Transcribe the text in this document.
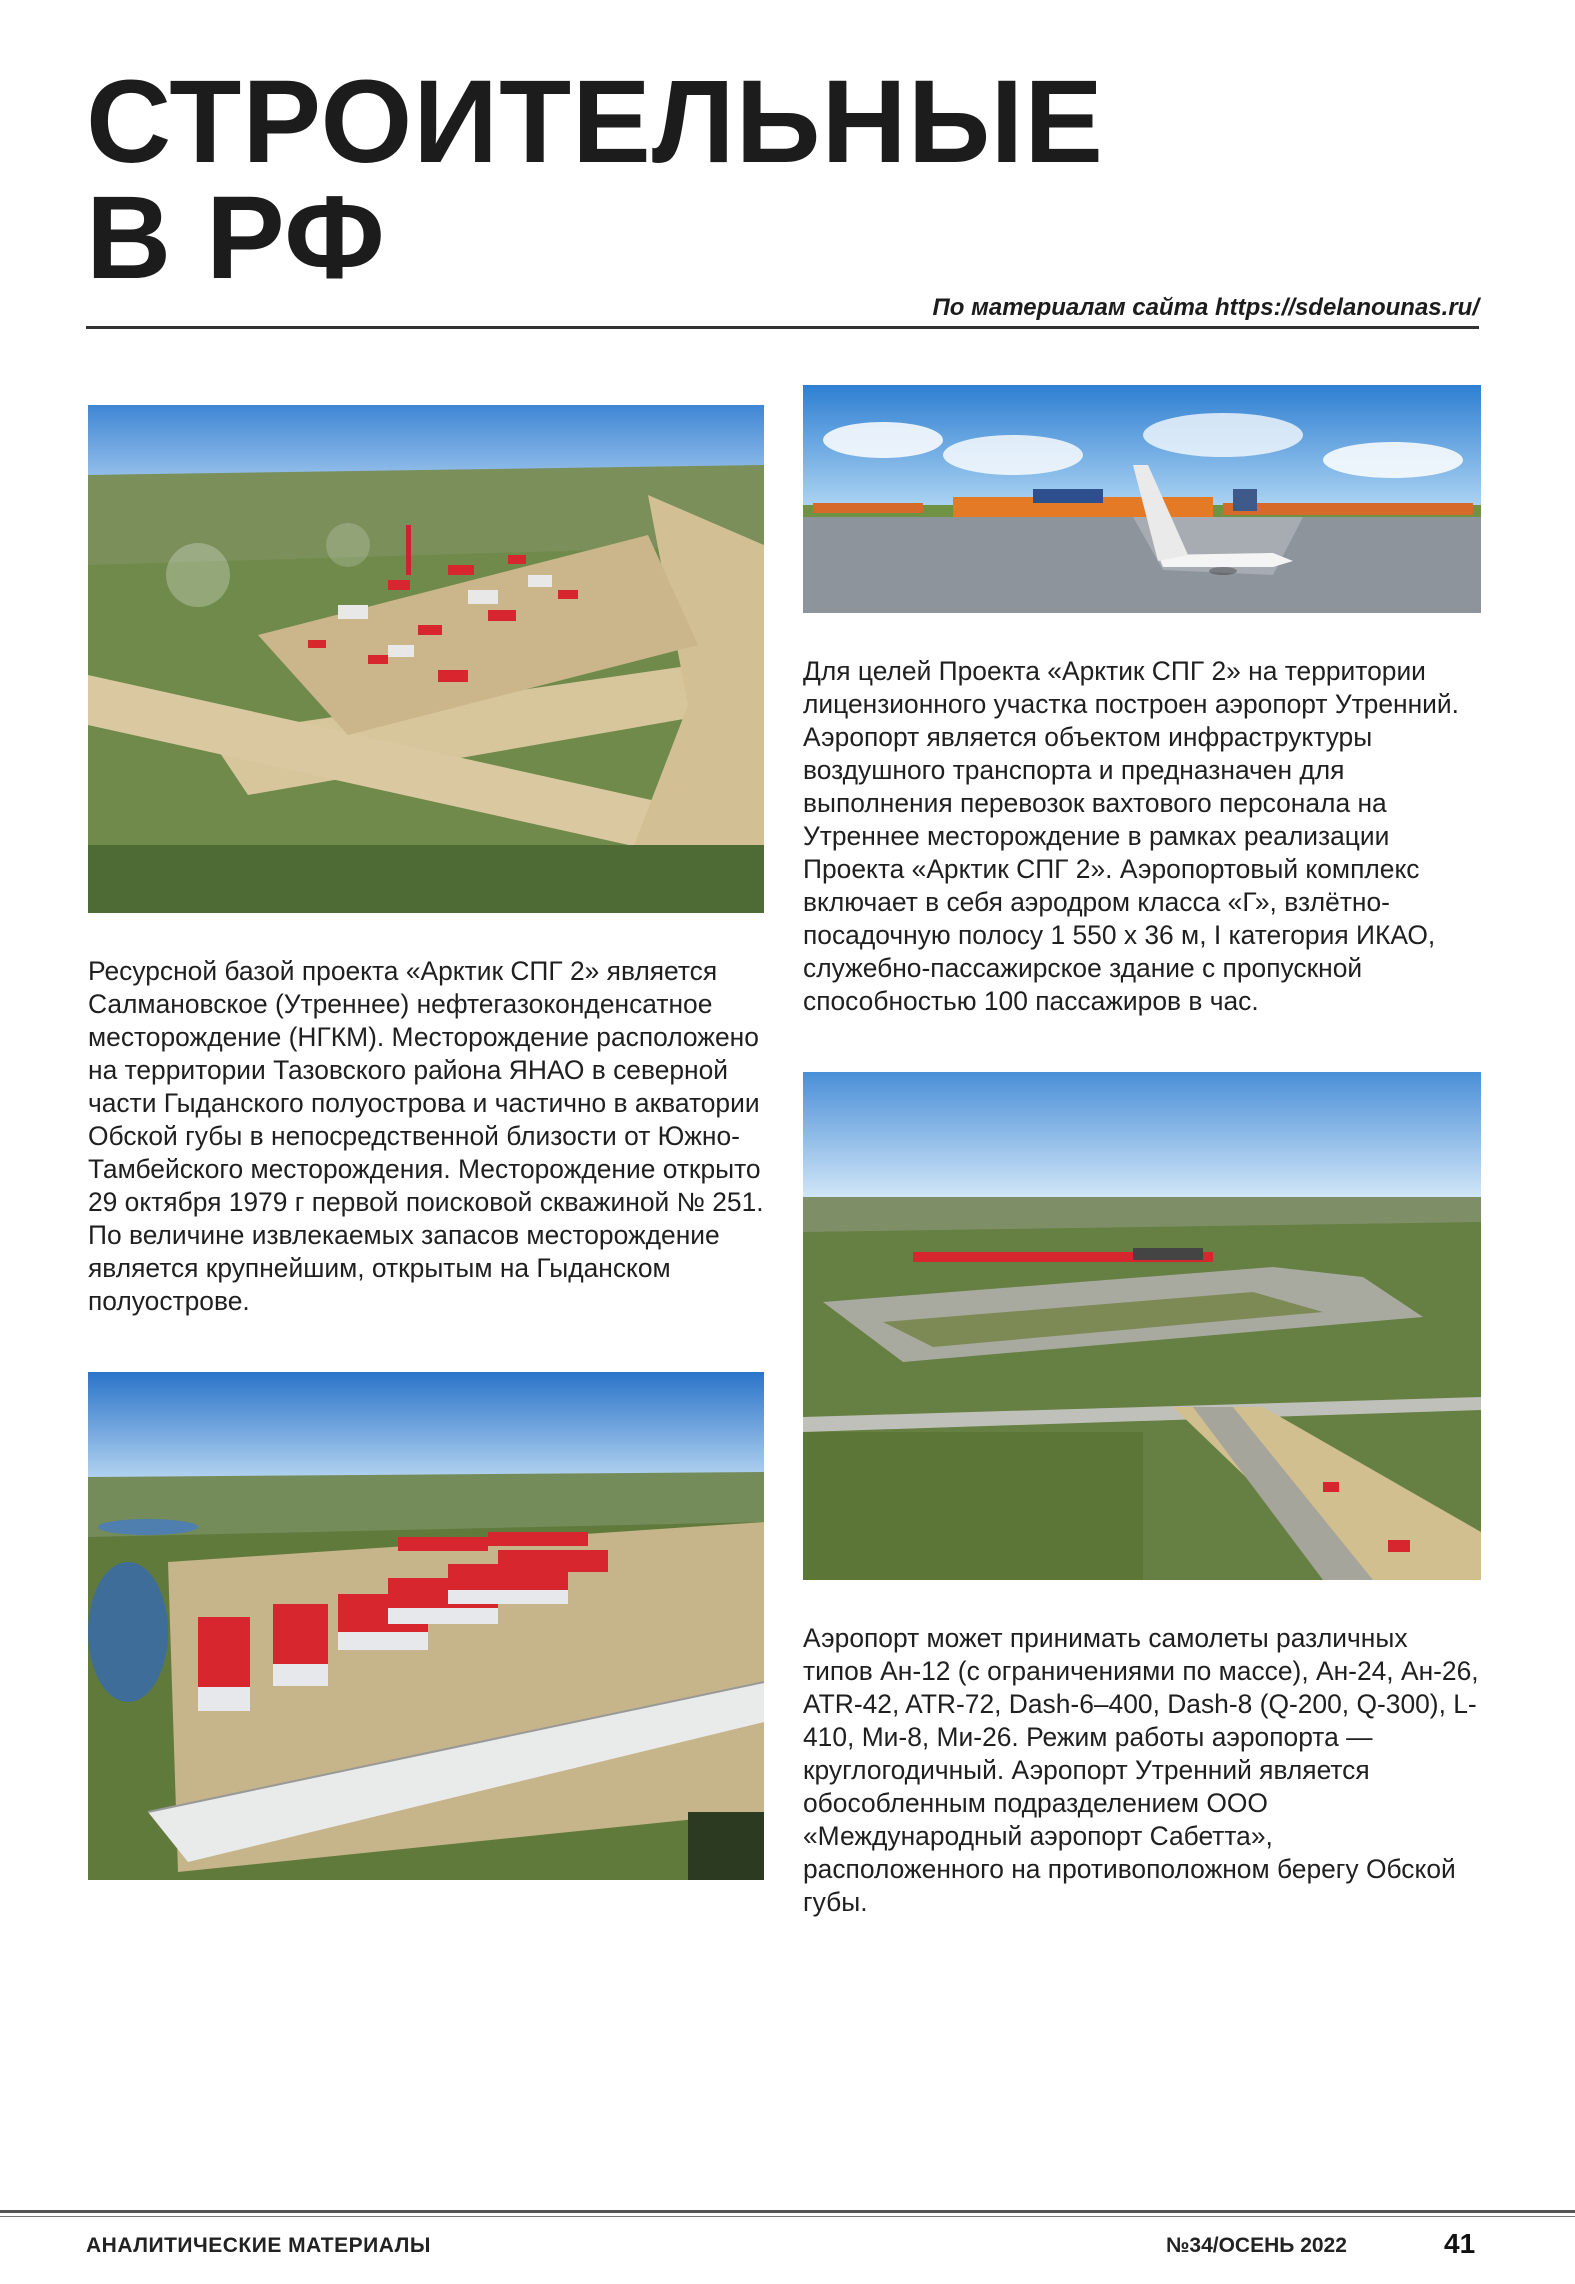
СТРОИТЕЛЬНЫЕ
В РФ
По материалам сайта https://sdelanounas.ru/

Для целей Проекта «Арктик СПГ 2» на территории лицензионного участка построен аэропорт Утренний. Аэропорт является объектом инфраструктуры воздушного транспорта и предназначен для выполнения перевозок вахтового персонала на Утреннее месторождение в рамках реализации Проекта «Арктик СПГ 2». Аэропортовый комплекс включает в себя аэродром класса «Г», взлётно-посадочную полосу 1 550 х 36 м, I категория ИКАО, служебно-пассажирское здание с пропускной способностью 100 пассажиров в час.

Ресурсной базой проекта «Арктик СПГ 2» является Салмановское (Утреннее) нефтегазоконденсатное месторождение (НГКМ). Месторождение расположено на территории Тазовского района ЯНАО в северной части Гыданского полуострова и частично в акватории Обской губы в непосредственной близости от Южно-Тамбейского месторождения. Месторождение открыто 29 октября 1979 г первой поисковой скважиной № 251. По величине извлекаемых запасов месторождение является крупнейшим, открытым на Гыданском полуострове.

Аэропорт может принимать самолеты различных типов Ан-12 (с ограничениями по массе), Ан-24, Ан-26, ATR-42, ATR-72, Dash-6–400, Dash-8 (Q-200, Q-300), L- 410, Ми-8, Ми-26. Режим работы аэропорта — круглогодичный. Аэропорт Утренний является обособленным подразделением ООО «Международный аэропорт Сабетта», расположенного на противоположном берегу Обской губы.

АНАЛИТИЧЕСКИЕ МАТЕРИАЛЫ	№34/ОСЕНЬ 2022	41
